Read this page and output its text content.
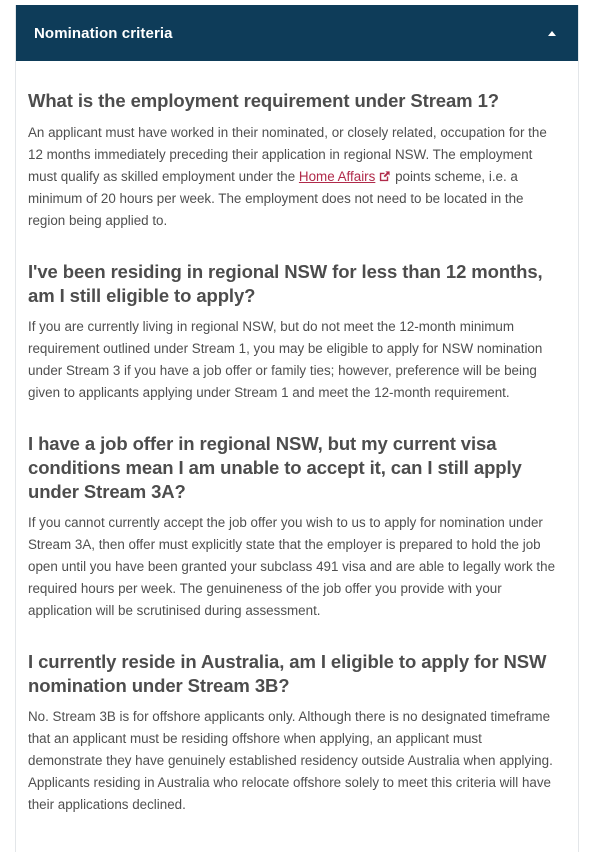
Nomination criteria
What is the employment requirement under Stream 1?

An applicant must have worked in their nominated, or closely related, occupation for the 12 months immediately preceding their application in regional NSW. The employment must qualify as skilled employment under the Home Affairs points scheme, i.e. a minimum of 20 hours per week. The employment does not need to be located in the region being applied to.

I've been residing in regional NSW for less than 12 months, am I still eligible to apply?

If you are currently living in regional NSW, but do not meet the 12-month minimum requirement outlined under Stream 1, you may be eligible to apply for NSW nomination under Stream 3 if you have a job offer or family ties; however, preference will be being given to applicants applying under Stream 1 and meet the 12-month requirement.

I have a job offer in regional NSW, but my current visa conditions mean I am unable to accept it, can I still apply under Stream 3A?

If you cannot currently accept the job offer you wish to us to apply for nomination under Stream 3A, then offer must explicitly state that the employer is prepared to hold the job open until you have been granted your subclass 491 visa and are able to legally work the required hours per week. The genuineness of the job offer you provide with your application will be scrutinised during assessment.

I currently reside in Australia, am I eligible to apply for NSW nomination under Stream 3B?

No. Stream 3B is for offshore applicants only. Although there is no designated timeframe that an applicant must be residing offshore when applying, an applicant must demonstrate they have genuinely established residency outside Australia when applying. Applicants residing in Australia who relocate offshore solely to meet this criteria will have their applications declined.
